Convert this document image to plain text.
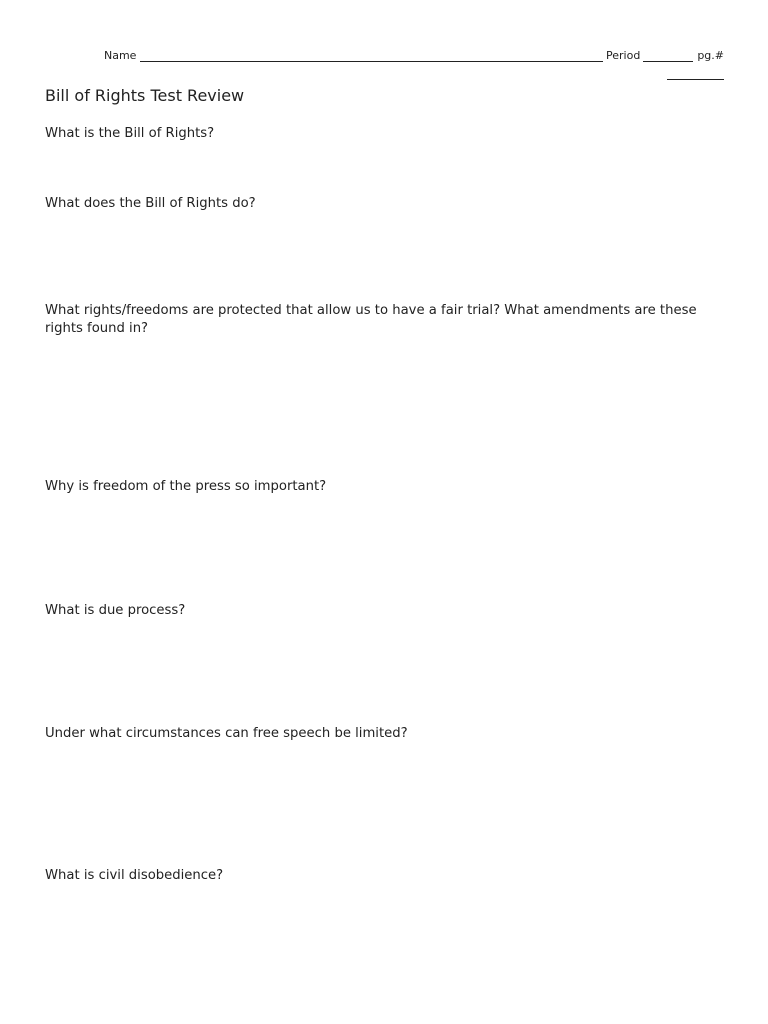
Name	Period	pg.#
Bill of Rights Test Review
What is the Bill of Rights?
What does the Bill of Rights do?
What rights/freedoms are protected that allow us to have a fair trial? What amendments are these rights found in?
Why is freedom of the press so important?
What is due process?
Under what circumstances can free speech be limited?
What is civil disobedience?
